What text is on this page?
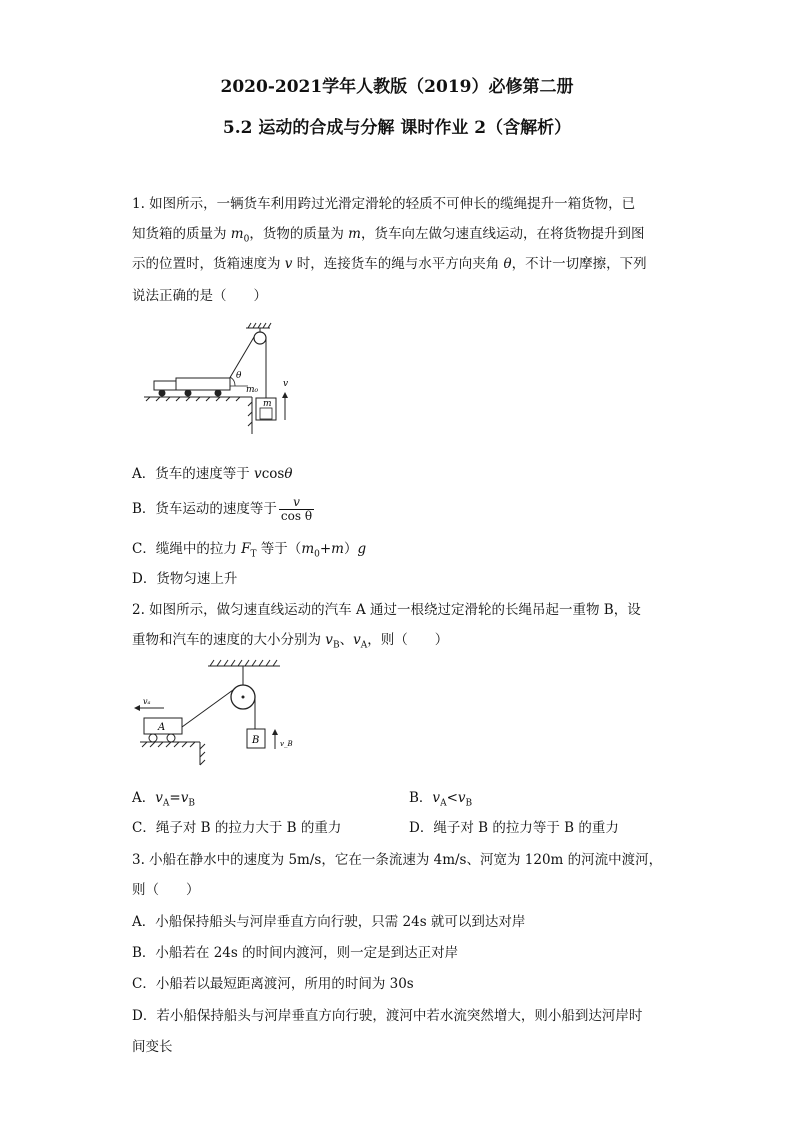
2020-2021学年人教版（2019）必修第二册
5.2 运动的合成与分解 课时作业 2（含解析）
1. 如图所示，一辆货车利用跨过光滑定滑轮的轻质不可伸长的缆绳提升一箱货物，已
知货箱的质量为 $m_0$，货物的质量为 m，货车向左做匀速直线运动，在将货物提升到图
示的位置时，货箱速度为 v 时，连接货车的绳与水平方向夹角 θ，不计一切摩擦，下列
说法正确的是（　　）
θ
m₀
m
v
A．货车的速度等于 vcosθ
B．货车运动的速度等于 $\frac{v}{\text{cos θ}}$
C．缆绳中的拉力 $F_T$ 等于$(m_0+m)g$
D．货物匀速上升
2. 如图所示，做匀速直线运动的汽车 A 通过一根绕过定滑轮的长绳吊起一重物 B，设
重物和汽车的速度的大小分别为 $v_B$、$v_A$，则（　　）
A
vₐ
B	v_B
A．$v_A=v_B$	B．$v_A<v_B$
C．绳子对 B 的拉力大于 B 的重力	D．绳子对 B 的拉力等于 B 的重力
3. 小船在静水中的速度为 5m/s，它在一条流速为 4m/s、河宽为 120m 的河流中渡河，
则（　　）
A．小船保持船头与河岸垂直方向行驶，只需 24s 就可以到达对岸
B．小船若在 24s 的时间内渡河，则一定是到达正对岸
C．小船若以最短距离渡河，所用的时间为 30s
D．若小船保持船头与河岸垂直方向行驶，渡河中若水流突然增大，则小船到达河岸时
间变长
